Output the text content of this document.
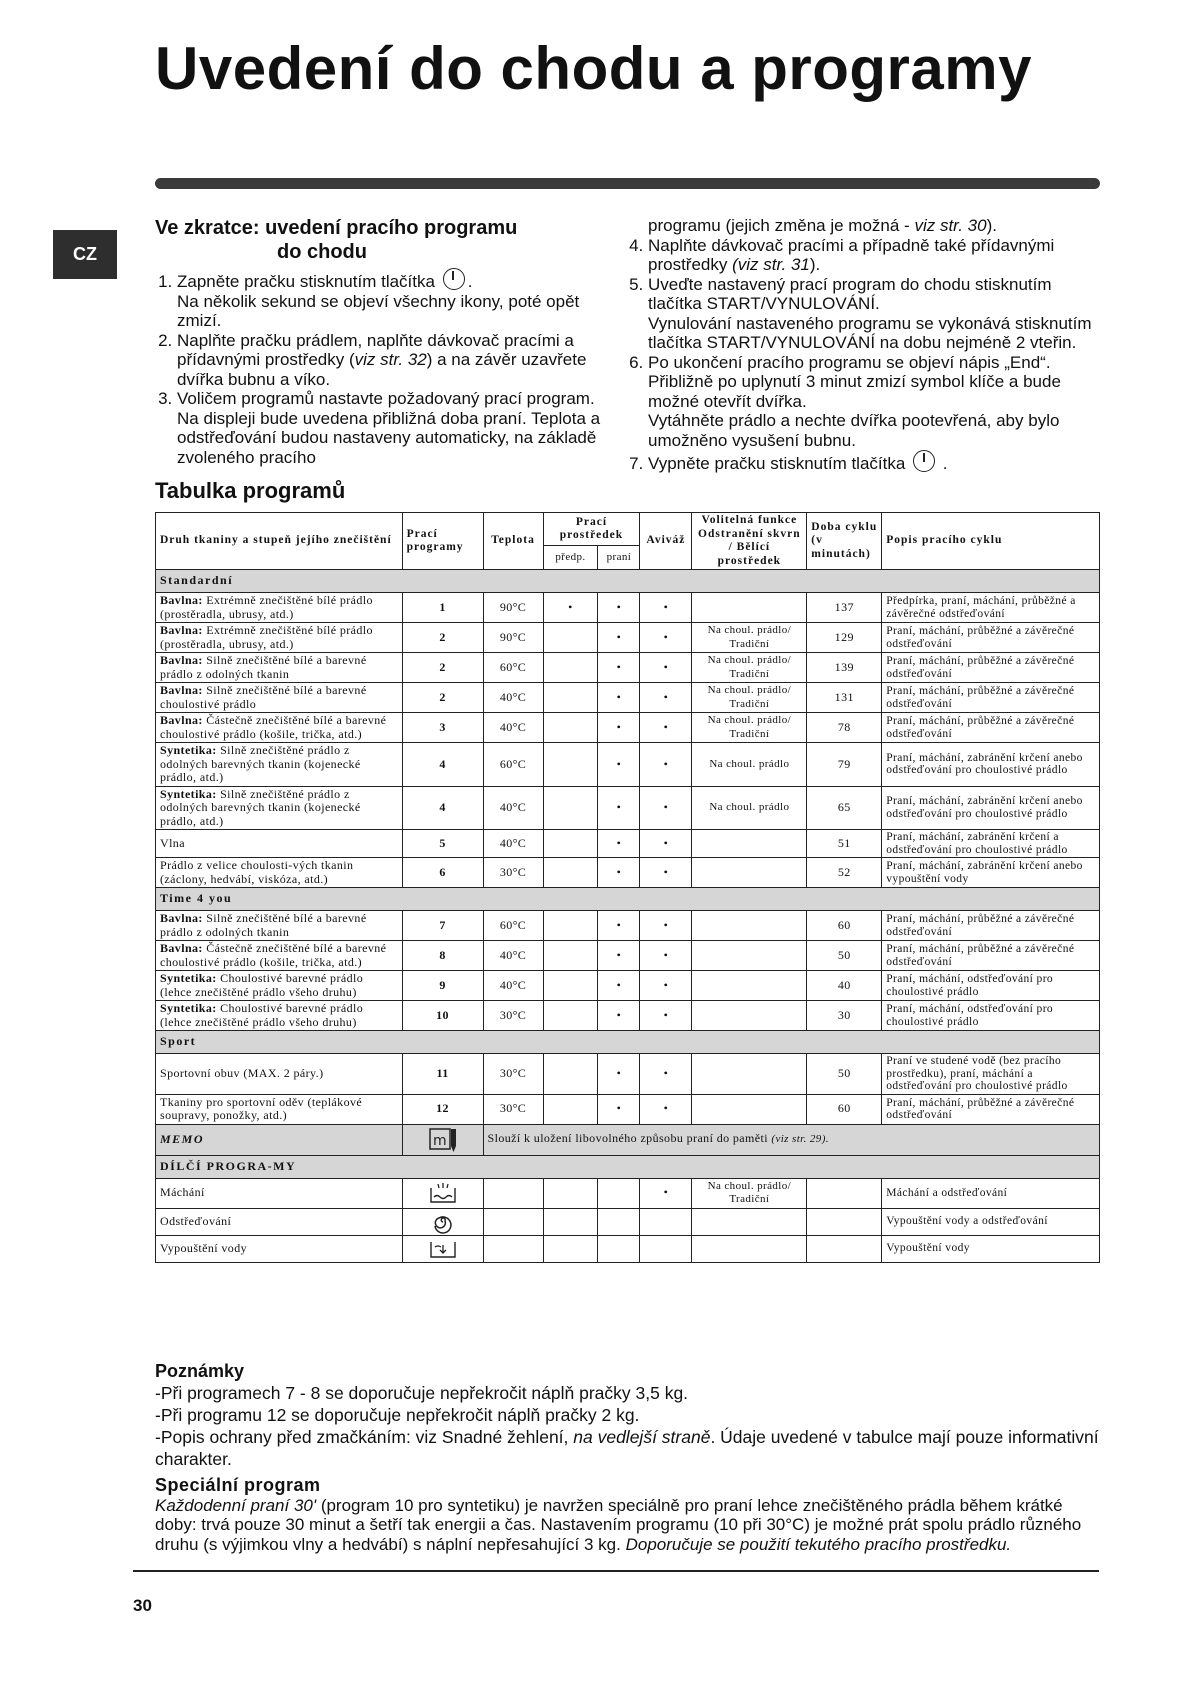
Uvedení do chodu a programy
CZ
Ve zkratce: uvedení pracího programu
do chodu
1. Zapněte pračku stisknutím tlačítka .
Na několik sekund se objeví všechny ikony, poté opět zmizí.
2. Naplňte pračku prádlem, naplňte dávkovač pracími a přídavnými prostředky (viz str. 32) a na závěr uzavřete dvířka bubnu a víko.
3. Voličem programů nastavte požadovaný prací program. Na displeji bude uvedena přibližná doba praní. Teplota a odstřeďování budou nastaveny automaticky, na základě zvoleného pracího
programu (jejich změna je možná - viz str. 30).
4. Naplňte dávkovač pracími a případně také přídavnými prostředky (viz str. 31).
5. Uveďte nastavený prací program do chodu stisknutím tlačítka START/VYNULOVÁNÍ.
Vynulování nastaveného programu se vykonává stisknutím tlačítka START/VYNULOVÁNÍ na dobu nejméně 2 vteřin.
6. Po ukončení pracího programu se objeví nápis „End“. Přibližně po uplynutí 3 minut zmizí symbol klíče a bude možné otevřít dvířka.
Vytáhněte prádlo a nechte dvířka pootevřená, aby bylo umožněno vysušení bubnu.
7. Vypněte pračku stisknutím tlačítka .
Tabulka programů
Druh tkaniny a stupeň jejího znečištění	Prací programy	Teplota	Prací prostředek		Aviváž	Volitelná funkce Odstranění skvrn / Bělící prostředek	Doba cyklu (v minutách)	Popis pracího cyklu
			předp.	praní				
Standardní								
Bavlna: Extrémně znečištěné bílé prádlo (prostěradla, ubrusy, atd.)	1	90°C	•	•	•		137	Předpírka, praní, máchání, průběžné a závěrečné odstřeďování
Bavlna: Extrémně znečištěné bílé prádlo (prostěradla, ubrusy, atd.)	2	90°C		•	•	Na choul. prádlo/ Tradiční	129	Praní, máchání, průběžné a závěrečné odstřeďování
Bavlna: Silně znečištěné bílé a barevné prádlo z odolných tkanin	2	60°C		•	•	Na choul. prádlo/ Tradiční	139	Praní, máchání, průběžné a závěrečné odstřeďování
Bavlna: Silně znečištěné bílé a barevné choulostivé prádlo	2	40°C		•	•	Na choul. prádlo/ Tradiční	131	Praní, máchání, průběžné a závěrečné odstřeďování
Bavlna: Částečně znečištěné bílé a barevné choulostivé prádlo (košile, trička, atd.)	3	40°C		•	•	Na choul. prádlo/ Tradiční	78	Praní, máchání, průběžné a závěrečné odstřeďování
Syntetika: Silně znečištěné prádlo z odolných barevných tkanin (kojenecké prádlo, atd.)	4	60°C		•	•	Na choul. prádlo	79	Praní, máchání, zabránění krčení anebo odstřeďování pro choulostivé prádlo
Syntetika: Silně znečištěné prádlo z odolných barevných tkanin (kojenecké prádlo, atd.)	4	40°C		•	•	Na choul. prádlo	65	Praní, máchání, zabránění krčení anebo odstřeďování pro choulostivé prádlo
Vlna	5	40°C		•	•		51	Praní, máchání, zabránění krčení a odstřeďování pro choulostivé prádlo
Prádlo z velice choulosti-vých tkanin (záclony, hedvábí, viskóza, atd.)	6	30°C		•	•		52	Praní, máchání, zabránění krčení anebo vypouštění vody
Time 4 you								
Bavlna: Silně znečištěné bílé a barevné prádlo z odolných tkanin	7	60°C		•	•		60	Praní, máchání, průběžné a závěrečné odstřeďování
Bavlna: Částečně znečištěné bílé a barevné choulostivé prádlo (košile, trička, atd.)	8	40°C		•	•		50	Praní, máchání, průběžné a závěrečné odstřeďování
Syntetika: Choulostivé barevné prádlo (lehce znečištěné prádlo všeho druhu)	9	40°C		•	•		40	Praní, máchání, odstřeďování pro choulostivé prádlo
Syntetika: Choulostivé barevné prádlo (lehce znečištěné prádlo všeho druhu)	10	30°C		•	•		30	Praní, máchání, odstřeďování pro choulostivé prádlo
Sport								
Sportovní obuv (MAX. 2 páry.)	11	30°C		•	•		50	Praní ve studené vodě (bez pracího prostředku), praní, máchání a odstřeďování pro choulostivé prádlo
Tkaniny pro sportovní oděv (teplákové soupravy, ponožky, atd.)	12	30°C		•	•		60	Praní, máchání, průběžné a závěrečné odstřeďování
MEMO	m	Slouží k uložení libovolného způsobu praní do paměti (viz str. 29).						
DÍLČÍ PROGRA-MY								
Máchání					•	Na choul. prádlo/ Tradiční		Máchání a odstřeďování
Odstřeďování								Vypouštění vody a odstřeďování
Vypouštění vody								Vypouštění vody
Poznámky
-Při programech 7 - 8 se doporučuje nepřekročit náplň pračky 3,5 kg.
-Při programu 12 se doporučuje nepřekročit náplň pračky 2 kg.
-Popis ochrany před zmačkáním: viz Snadné žehlení, na vedlejší straně. Údaje uvedené v tabulce mají pouze informativní charakter.
Speciální program
Každodenní praní 30' (program 10 pro syntetiku) je navržen speciálně pro praní lehce znečištěného prádla během krátké doby: trvá pouze 30 minut a šetří tak energii a čas. Nastavením programu (10 při 30°C) je možné prát spolu prádlo různého druhu (s výjimkou vlny a hedvábí) s náplní nepřesahující 3 kg. Doporučuje se použití tekutého pracího prostředku.
30
